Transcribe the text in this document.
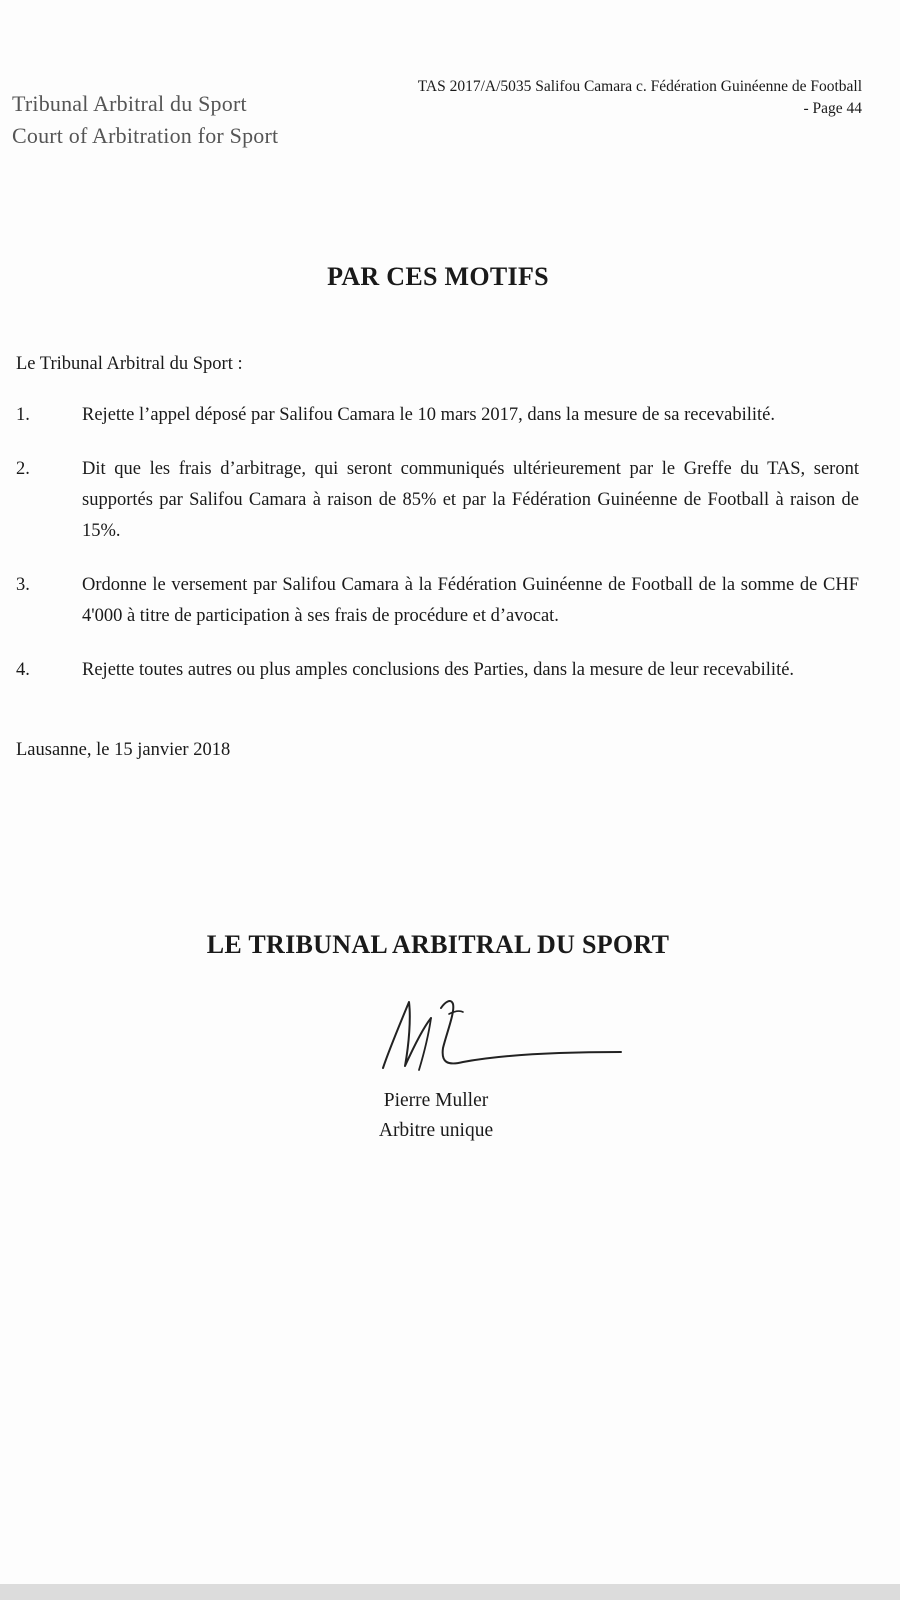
Tribunal Arbitral du Sport
Court of Arbitration for Sport
TAS 2017/A/5035 Salifou Camara c. Fédération Guinéenne de Football
- Page 44
PAR CES MOTIFS
Le Tribunal Arbitral du Sport :
1.	Rejette l’appel déposé par Salifou Camara le 10 mars 2017, dans la mesure de sa recevabilité.
2.	Dit que les frais d’arbitrage, qui seront communiqués ultérieurement par le Greffe du TAS, seront supportés par Salifou Camara à raison de 85% et par la Fédération Guinéenne de Football à raison de 15%.
3.	Ordonne le versement par Salifou Camara à la Fédération Guinéenne de Football de la somme de CHF 4'000 à titre de participation à ses frais de procédure et d’avocat.
4.	Rejette toutes autres ou plus amples conclusions des Parties, dans la mesure de leur recevabilité.
Lausanne, le 15 janvier 2018
LE TRIBUNAL ARBITRAL DU SPORT
Pierre Muller
Arbitre unique
